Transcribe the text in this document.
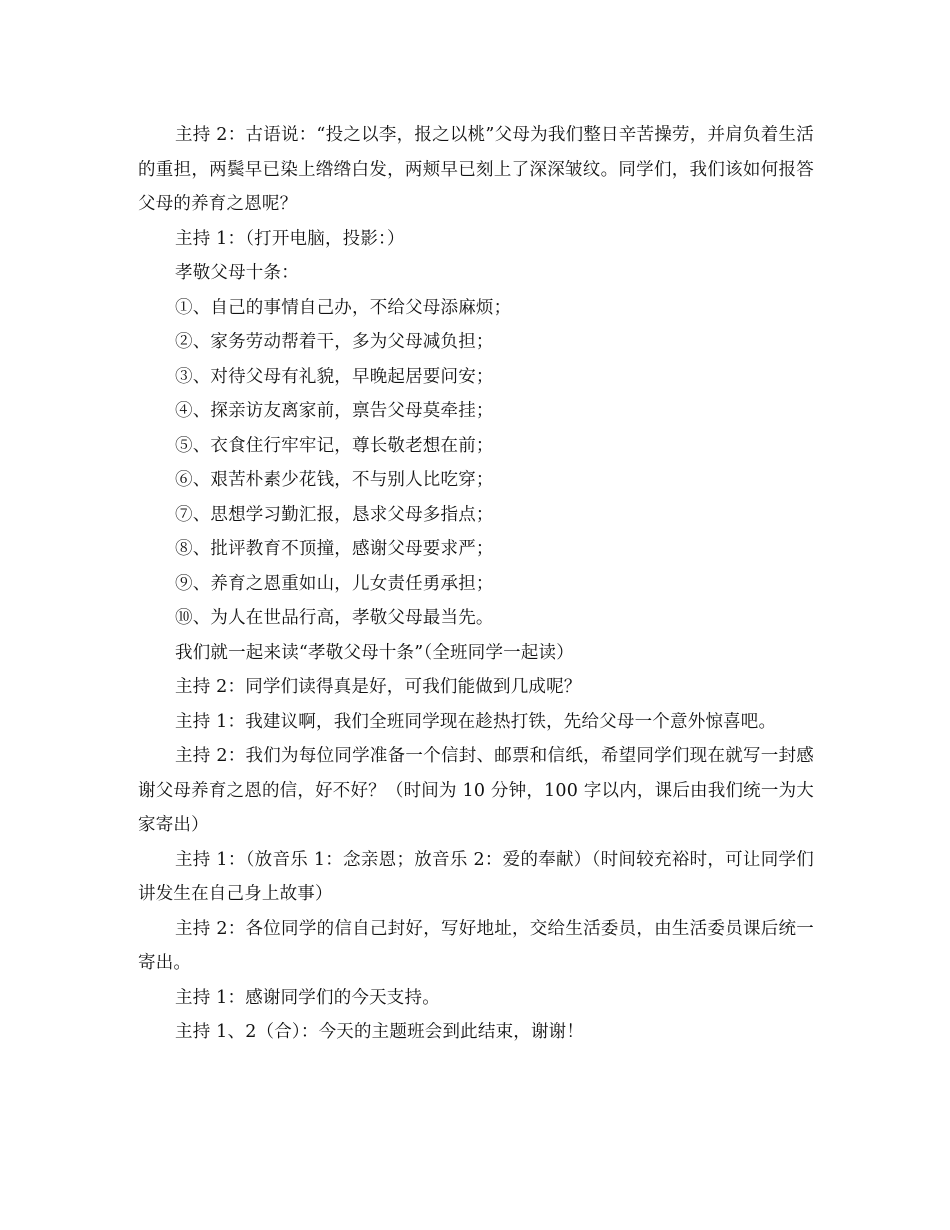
主持 2：古语说：“投之以李，报之以桃”父母为我们整日辛苦操劳，并肩负着生活的重担，两鬓早已染上绺绺白发，两颊早已刻上了深深皱纹。同学们，我们该如何报答父母的养育之恩呢？

主持 1：（打开电脑，投影：）

孝敬父母十条：

①、自己的事情自己办，不给父母添麻烦；

②、家务劳动帮着干，多为父母减负担；

③、对待父母有礼貌，早晚起居要问安；

④、探亲访友离家前，禀告父母莫牵挂；

⑤、衣食住行牢牢记，尊长敬老想在前；

⑥、艰苦朴素少花钱，不与别人比吃穿；

⑦、思想学习勤汇报，恳求父母多指点；

⑧、批评教育不顶撞，感谢父母要求严；

⑨、养育之恩重如山，儿女责任勇承担；

⑩、为人在世品行高，孝敬父母最当先。

我们就一起来读“孝敬父母十条”（全班同学一起读）

主持 2：同学们读得真是好，可我们能做到几成呢？

主持 1：我建议啊，我们全班同学现在趁热打铁，先给父母一个意外惊喜吧。

主持 2：我们为每位同学准备一个信封、邮票和信纸，希望同学们现在就写一封感谢父母养育之恩的信，好不好？（时间为 10 分钟，100 字以内，课后由我们统一为大家寄出）

主持 1：（放音乐 1：念亲恩；放音乐 2：爱的奉献）（时间较充裕时，可让同学们讲发生在自己身上故事）

主持 2：各位同学的信自己封好，写好地址，交给生活委员，由生活委员课后统一寄出。

主持 1：感谢同学们的今天支持。

主持 1、2（合）：今天的主题班会到此结束，谢谢！
